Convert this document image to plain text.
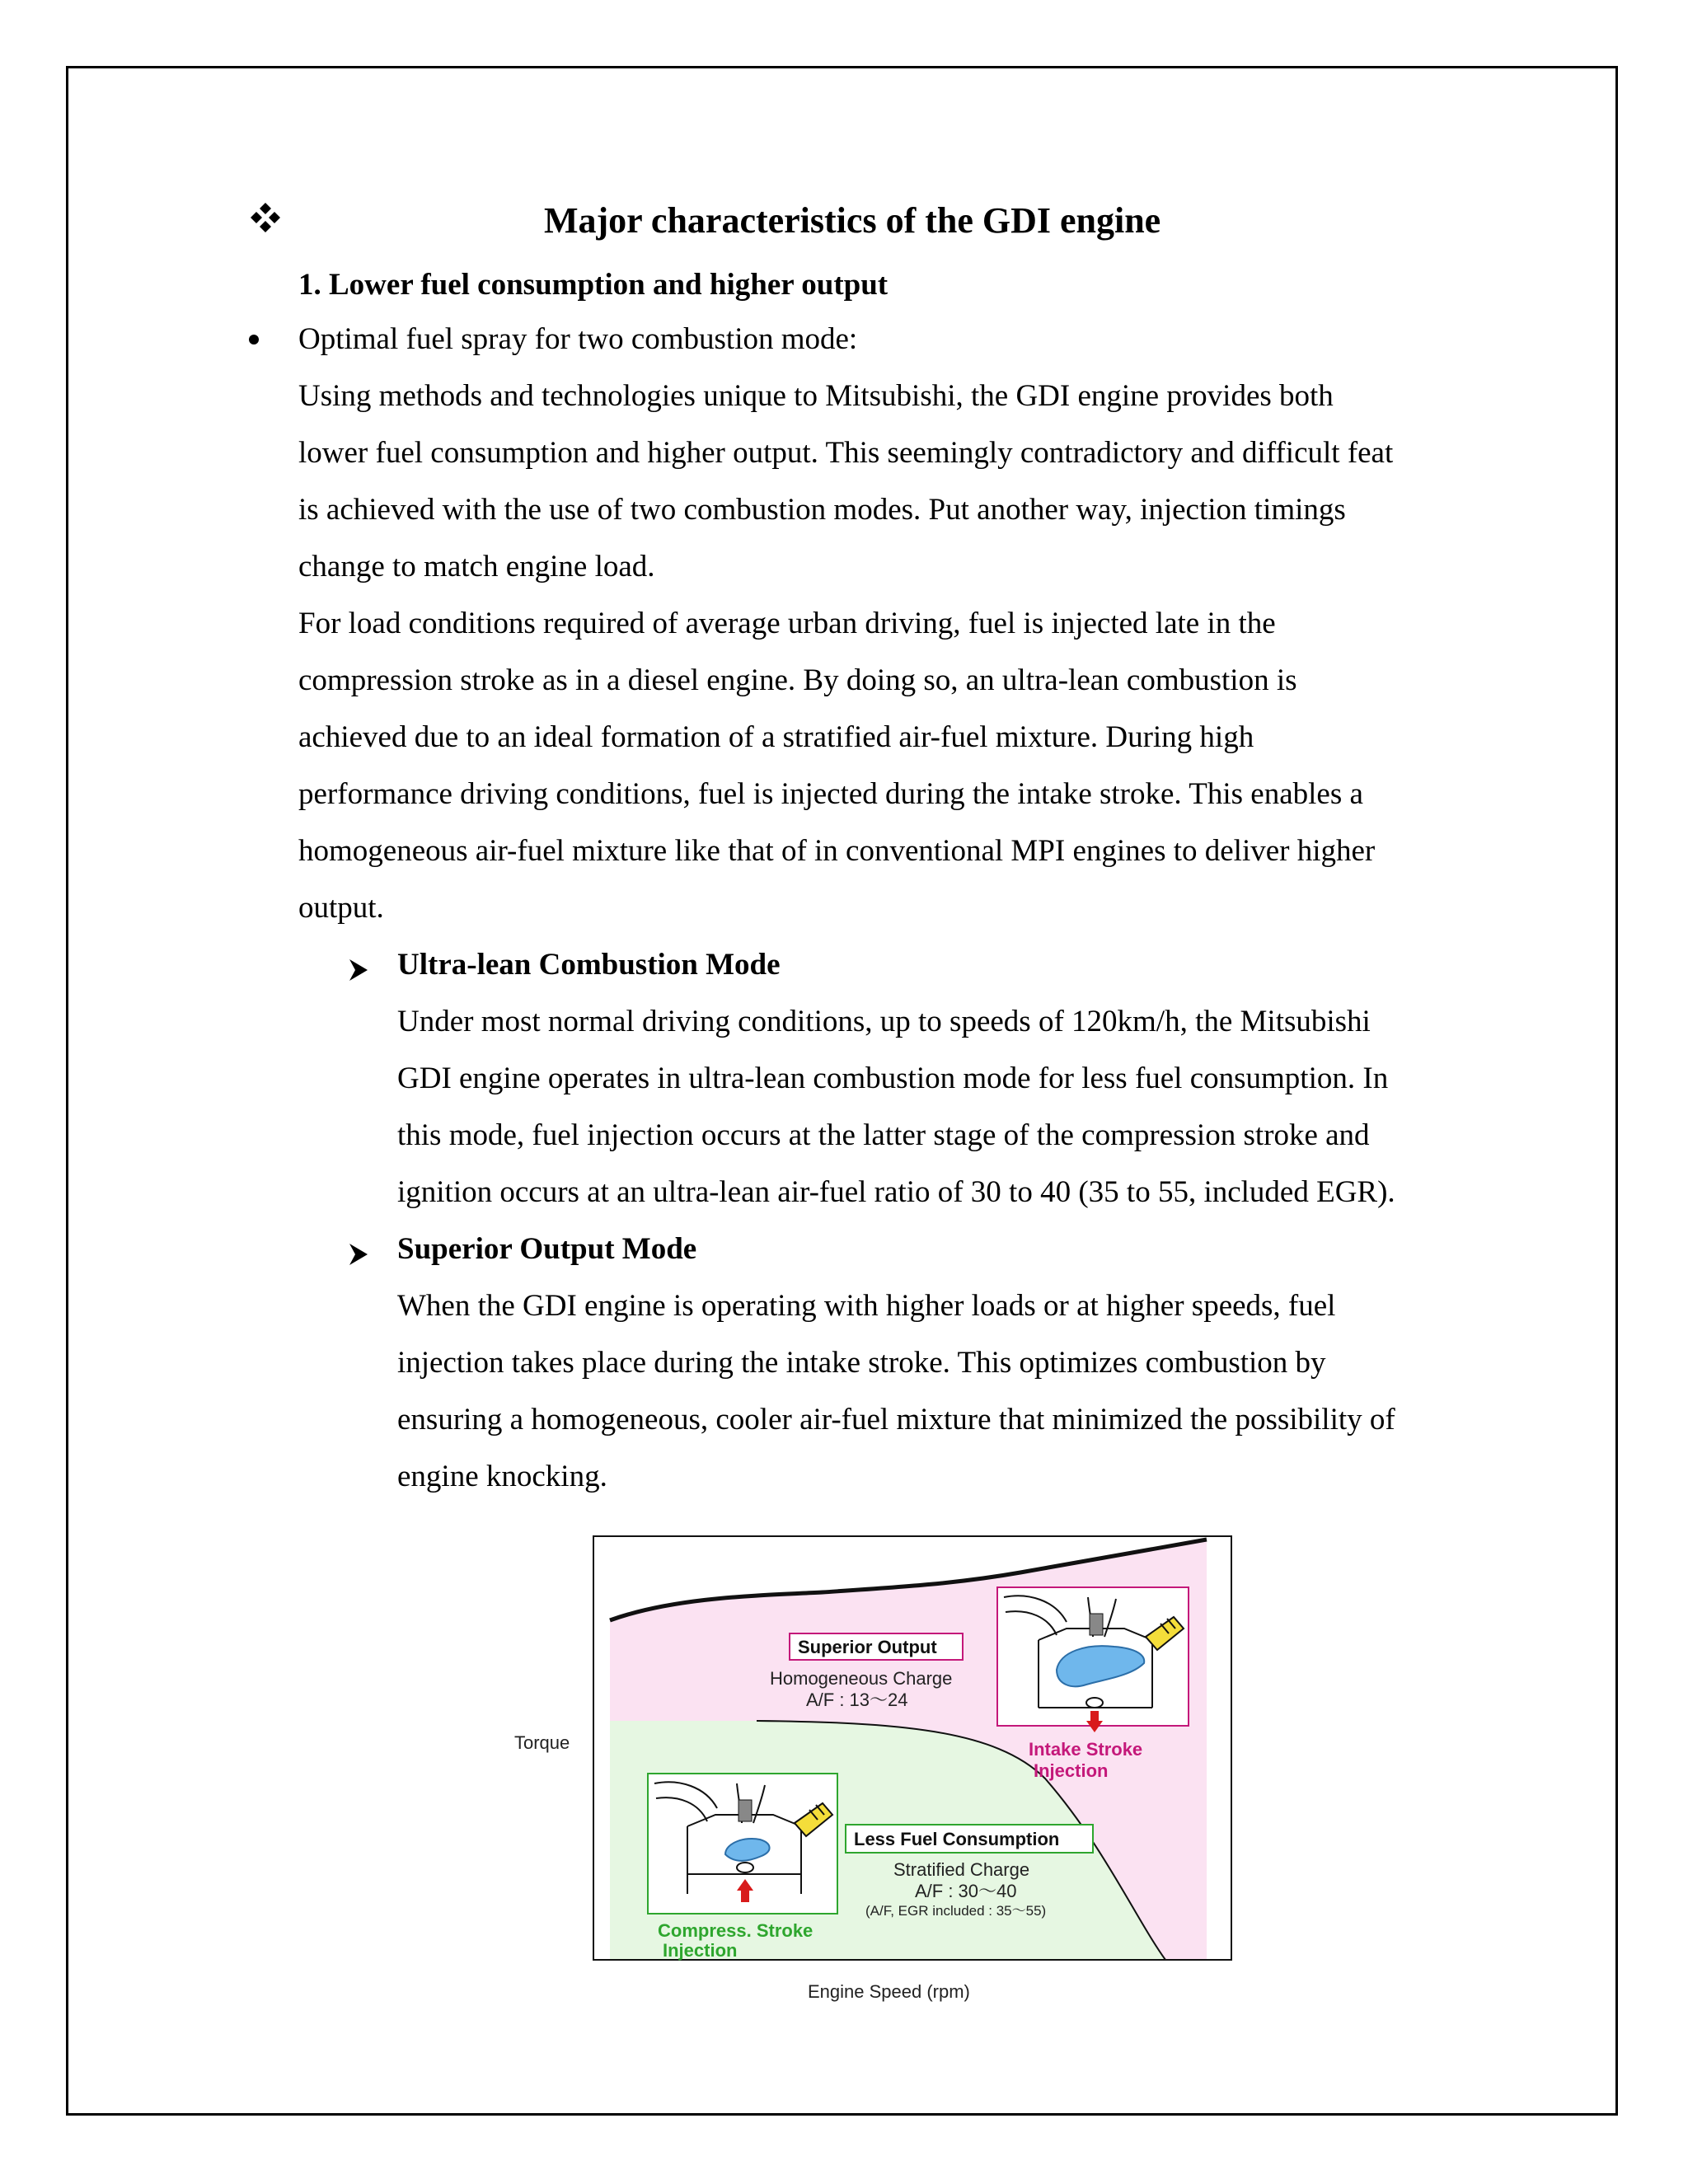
Major characteristics of the GDI engine
1. Lower fuel consumption and higher output
Optimal fuel spray for two combustion mode:
Using methods and technologies unique to Mitsubishi, the GDI engine provides both
lower fuel consumption and higher output. This seemingly contradictory and difficult feat
is achieved with the use of two combustion modes. Put another way, injection timings
change to match engine load.
For load conditions required of average urban driving, fuel is injected late in the
compression stroke as in a diesel engine. By doing so, an ultra-lean combustion is
achieved due to an ideal formation of a stratified air-fuel mixture. During high
performance driving conditions, fuel is injected during the intake stroke. This enables a
homogeneous air-fuel mixture like that of in conventional MPI engines to deliver higher
output.
Ultra-lean Combustion Mode
Under most normal driving conditions, up to speeds of 120km/h, the Mitsubishi
GDI engine operates in ultra-lean combustion mode for less fuel consumption. In
this mode, fuel injection occurs at the latter stage of the compression stroke and
ignition occurs at an ultra-lean air-fuel ratio of 30 to 40 (35 to 55, included EGR).
Superior Output Mode
When the GDI engine is operating with higher loads or at higher speeds, fuel
injection takes place during the intake stroke. This optimizes combustion by
ensuring a homogeneous, cooler air-fuel mixture that minimized the possibility of
engine knocking.
Torque
Engine Speed (rpm)
Superior Output
Homogeneous Charge
A/F : 13～24
Intake Stroke
Injection
Compress. Stroke
Injection
Less Fuel Consumption
Stratified Charge
A/F : 30～40
(A/F, EGR included : 35～55)
